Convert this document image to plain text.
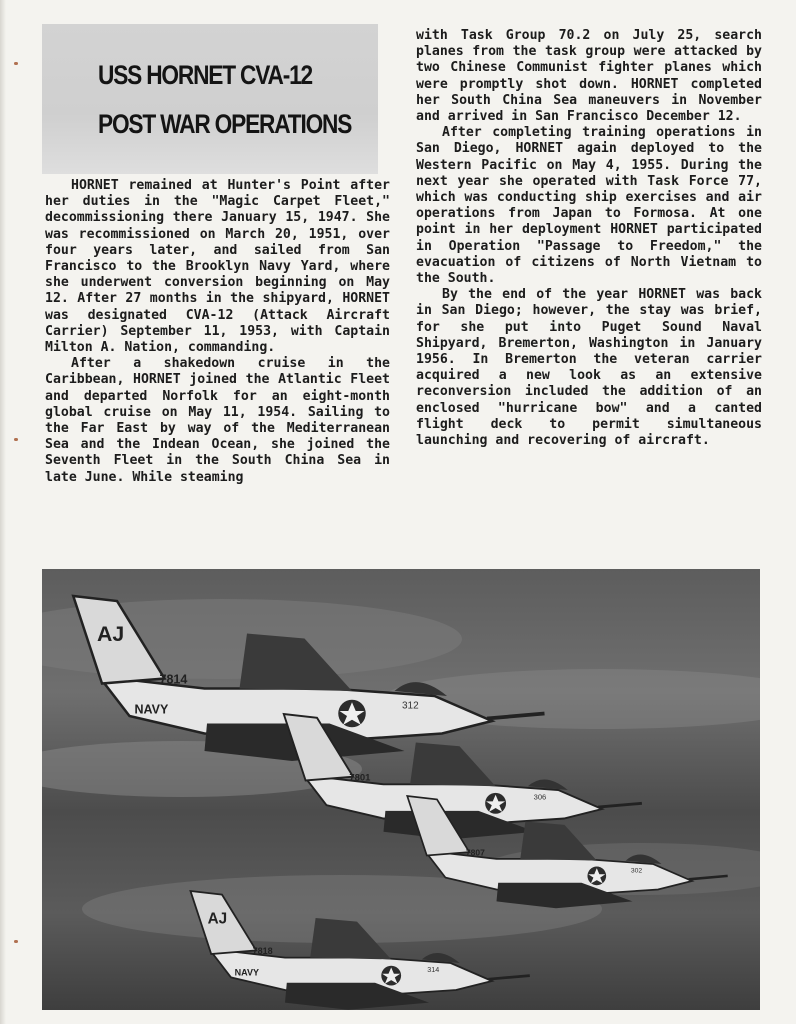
USS HORNET CVA-12
POST WAR OPERATIONS

HORNET remained at Hunter's Point after her duties in the "Magic Carpet Fleet," decommissioning there January 15, 1947. She was recommissioned on March 20, 1951, over four years later, and sailed from San Francisco to the Brooklyn Navy Yard, where she underwent conversion beginning on May 12. After 27 months in the shipyard, HORNET was designated CVA-12 (Attack Aircraft Carrier) September 11, 1953, with Captain Milton A. Nation, commanding.

After a shakedown cruise in the Caribbean, HORNET joined the Atlantic Fleet and departed Norfolk for an eight-month global cruise on May 11, 1954. Sailing to the Far East by way of the Mediterranean Sea and the Indean Ocean, she joined the Seventh Fleet in the South China Sea in late June. While steaming

with Task Group 70.2 on July 25, search planes from the task group were attacked by two Chinese Communist fighter planes which were promptly shot down. HORNET completed her South China Sea maneuvers in November and arrived in San Francisco December 12.

After completing training operations in San Diego, HORNET again deployed to the Western Pacific on May 4, 1955. During the next year she operated with Task Force 77, which was conducting ship exercises and air operations from Japan to Formosa. At one point in her deployment HORNET participated in Operation "Passage to Freedom," the evacuation of citizens of North Vietnam to the South.

By the end of the year HORNET was back in San Diego; however, the stay was brief, for she put into Puget Sound Naval Shipyard, Bremerton, Washington in January 1956. In Bremerton the veteran carrier acquired a new look as an extensive reconversion included the addition of an enclosed "hurricane bow" and a canted flight deck to permit simultaneous launching and recovering of aircraft.

AJ
7814
NAVY	312
7801
306
7807
302
AJ
7818
NAVY	314
